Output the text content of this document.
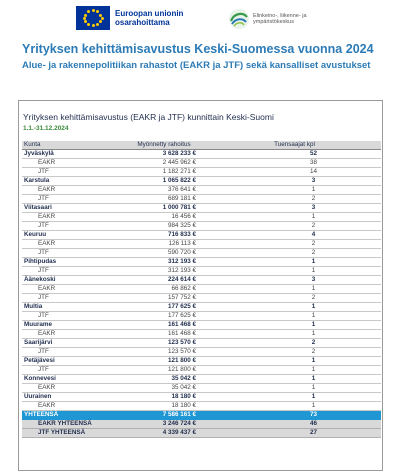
Euroopan unionin
osarahoittama
Elinkeino-, liikenne- ja
ympäristökeskus
Yrityksen kehittämisavustus Keski-Suomessa vuonna 2024
Alue- ja rakennepolitiikan rahastot (EAKR ja JTF) sekä kansalliset avustukset
Yrityksen kehittämisavustus (EAKR ja JTF) kunnittain Keski-Suomi
1.1.-31.12.2024
Kunta	Myönnetty rahoitus	Tuensaajat kpl
Jyväskylä	3 628 233 €	52
EAKR	2 445 962 €	38
JTF	1 182 271 €	14
Karstula	1 065 822 €	3
EAKR	376 641 €	1
JTF	689 181 €	2
Viitasaari	1 000 781 €	3
EAKR	16 456 €	1
JTF	984 325 €	2
Keuruu	716 833 €	4
EAKR	126 113 €	2
JTF	590 720 €	2
Pihtipudas	312 193 €	1
JTF	312 193 €	1
Äänekoski	224 614 €	3
EAKR	66 862 €	1
JTF	157 752 €	2
Multia	177 625 €	1
JTF	177 625 €	1
Muurame	161 468 €	1
EAKR	161 468 €	1
Saarijärvi	123 570 €	2
JTF	123 570 €	2
Petäjävesi	121 800 €	1
JTF	121 800 €	1
Konnevesi	35 042 €	1
EAKR	35 042 €	1
Uurainen	18 180 €	1
EAKR	18 180 €	1
YHTEENSÄ	7 586 161 €	73
EAKR YHTEENSÄ	3 246 724 €	46
JTF YHTEENSÄ	4 339 437 €	27
